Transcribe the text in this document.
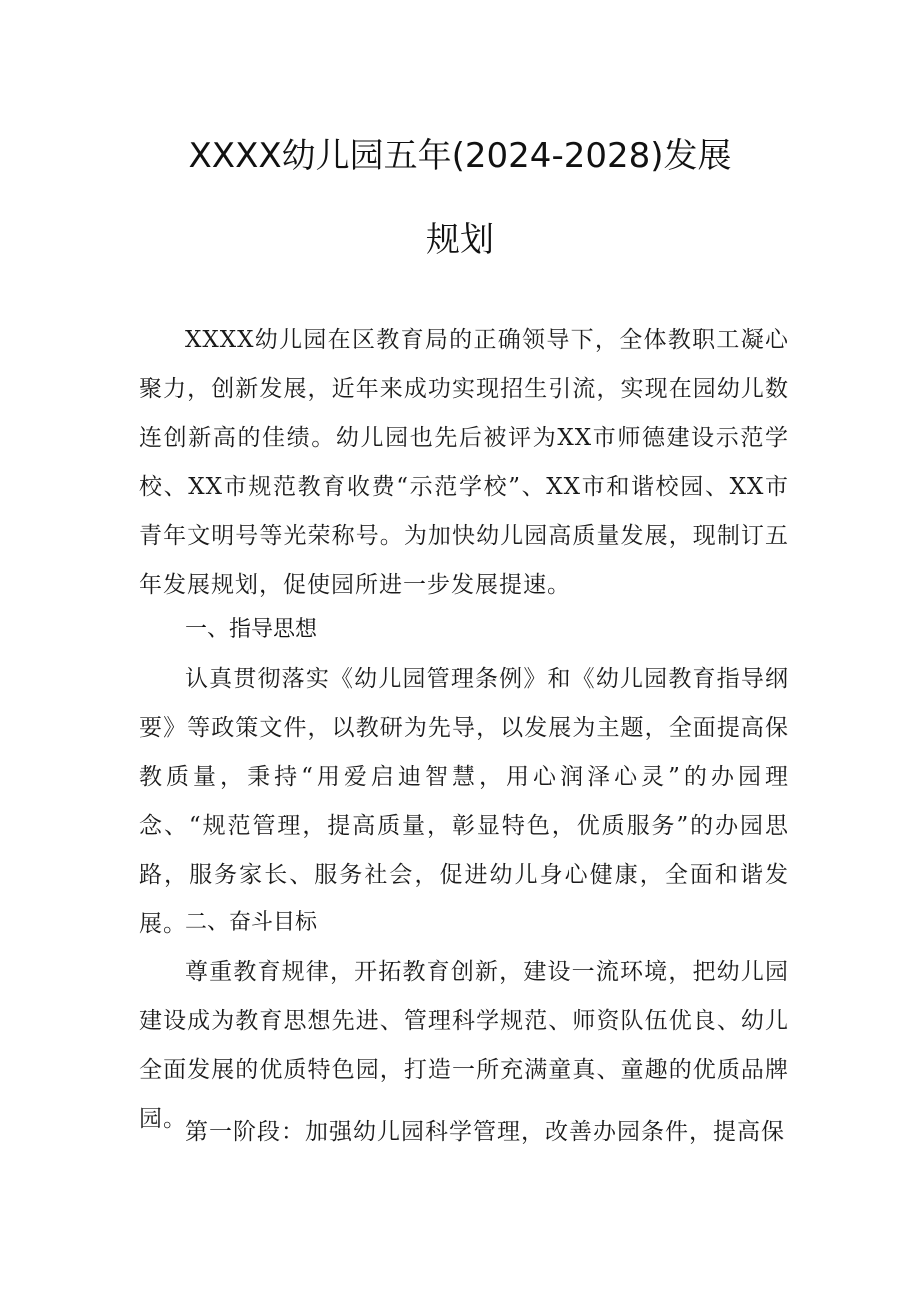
XXXX幼儿园五年(2024-2028)发展
规划

XXXX幼儿园在区教育局的正确领导下，全体教职工凝心聚力，创新发展，近年来成功实现招生引流，实现在园幼儿数连创新高的佳绩。幼儿园也先后被评为XX市师德建设示范学校、XX市规范教育收费“示范学校”、XX市和谐校园、XX市青年文明号等光荣称号。为加快幼儿园高质量发展，现制订五年发展规划，促使园所进一步发展提速。

一、指导思想

认真贯彻落实《幼儿园管理条例》和《幼儿园教育指导纲要》等政策文件，以教研为先导，以发展为主题，全面提高保教质量，秉持“用爱启迪智慧，用心润泽心灵”的办园理念、“规范管理，提高质量，彰显特色，优质服务”的办园思路，服务家长、服务社会，促进幼儿身心健康，全面和谐发展。

二、奋斗目标

尊重教育规律，开拓教育创新，建设一流环境，把幼儿园建设成为教育思想先进、管理科学规范、师资队伍优良、幼儿全面发展的优质特色园，打造一所充满童真、童趣的优质品牌园。

第一阶段：加强幼儿园科学管理，改善办园条件，提高保
